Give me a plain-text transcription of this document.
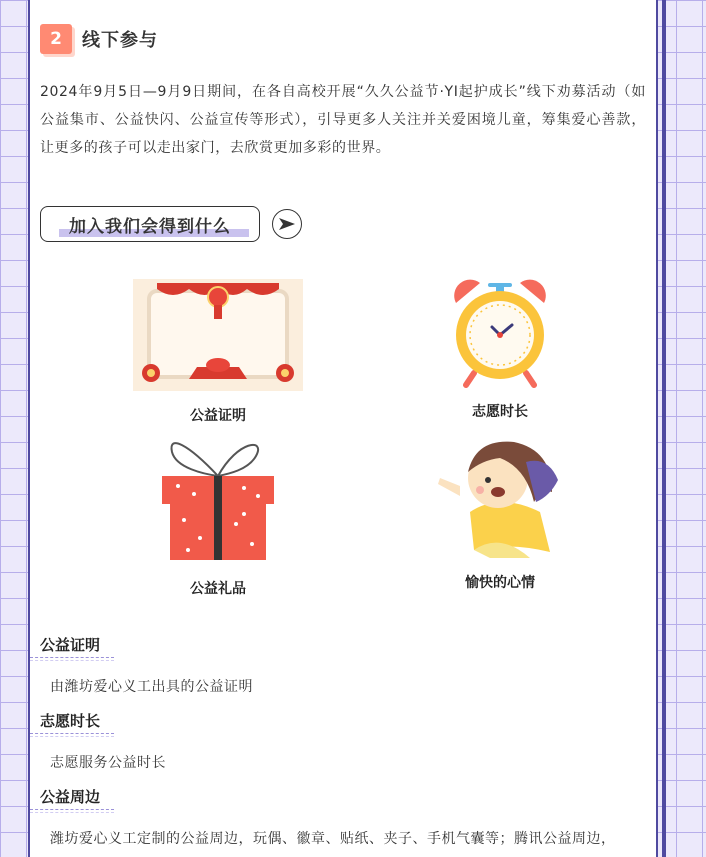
2	线下参与
2024年9月5日—9月9日期间，在各自高校开展“久久公益节·YI起护成长”线下劝募活动（如公益集市、公益快闪、公益宣传等形式），引导更多人关注并关爱困境儿童，筹集爱心善款，让更多的孩子可以走出家门，去欣赏更加多彩的世界。
加入我们会得到什么
公益证明	志愿时长
公益礼品	愉快的心情
公益证明
由潍坊爱心义工出具的公益证明
志愿时长
志愿服务公益时长
公益周边
潍坊爱心义工定制的公益周边，玩偶、徽章、贴纸、夹子、手机气囊等；腾讯公益周边，
